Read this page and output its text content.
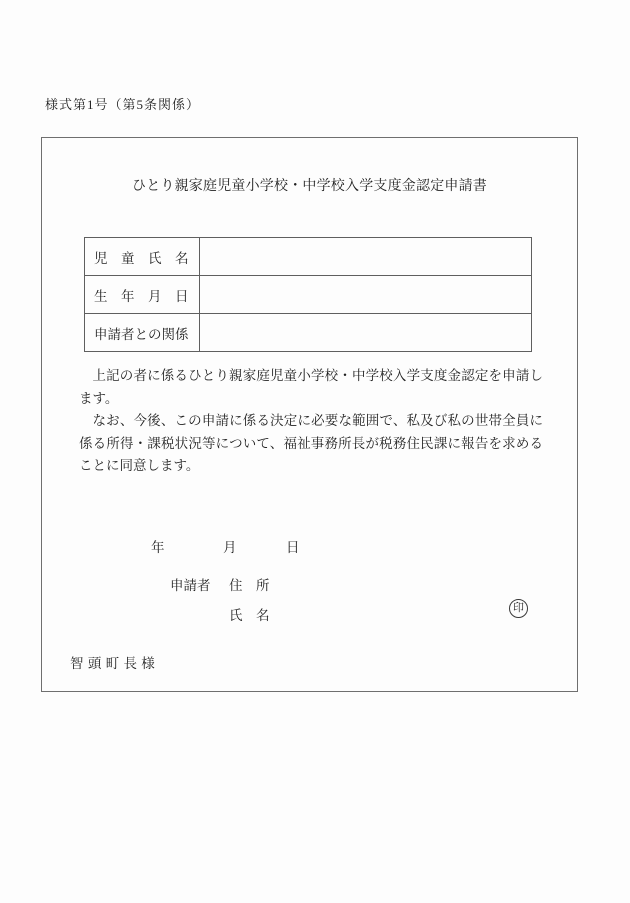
様式第1号（第5条関係）
ひとり親家庭児童小学校・中学校入学支度金認定申請書
児　童　氏　名	
生　年　月　日	
申請者との関係	

上記の者に係るひとり親家庭児童小学校・中学校入学支度金認定を申請します。

なお、今後、この申請に係る決定に必要な範囲で、私及び私の世帯全員に係る所得・課税状況等について、福祉事務所長が税務住民課に報告を求めることに同意します。

年	月	日
申請者 住　所
氏　名	印
智頭町長様
